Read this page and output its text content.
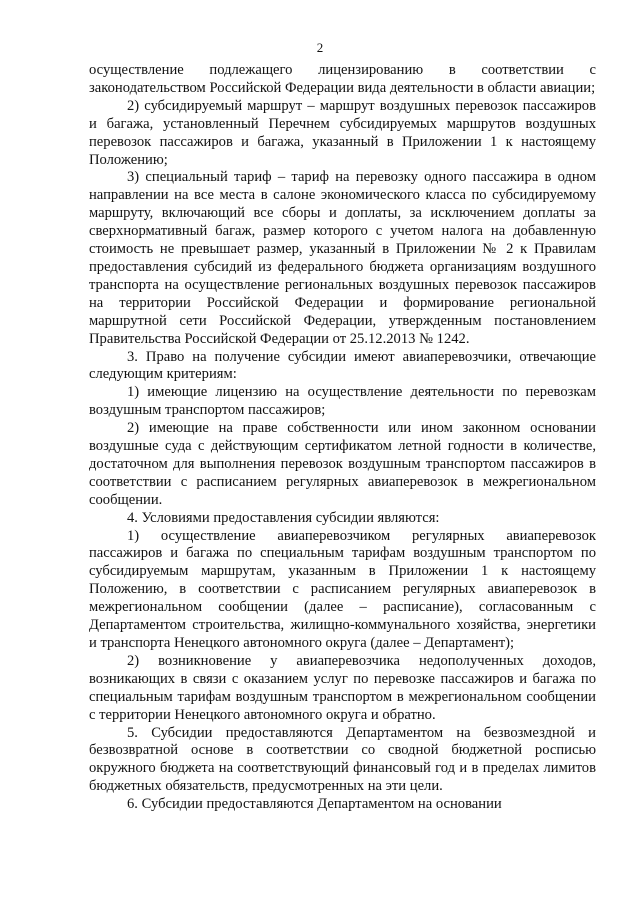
2

осуществление подлежащего лицензированию в соответствии с законодательством Российской Федерации вида деятельности в области авиации;

2) субсидируемый маршрут – маршрут воздушных перевозок пассажиров и багажа, установленный Перечнем субсидируемых маршрутов воздушных перевозок пассажиров и багажа, указанный в Приложении 1 к настоящему Положению;

3) специальный тариф – тариф на перевозку одного пассажира в одном направлении на все места в салоне экономического класса по субсидируемому маршруту, включающий все сборы и доплаты, за исключением доплаты за сверхнормативный багаж, размер которого с учетом налога на добавленную стоимость не превышает размер, указанный в Приложении № 2 к Правилам предоставления субсидий из федерального бюджета организациям воздушного транспорта на осуществление региональных воздушных перевозок пассажиров на территории Российской Федерации и формирование региональной маршрутной сети Российской Федерации, утвержденным постановлением Правительства Российской Федерации от 25.12.2013 № 1242.

3. Право на получение субсидии имеют авиаперевозчики, отвечающие следующим критериям:

1) имеющие лицензию на осуществление деятельности по перевозкам воздушным транспортом пассажиров;

2) имеющие на праве собственности или ином законном основании воздушные суда с действующим сертификатом летной годности в количестве, достаточном для выполнения перевозок воздушным транспортом пассажиров в соответствии с расписанием регулярных авиаперевозок в межрегиональном сообщении.

4. Условиями предоставления субсидии являются:

1) осуществление авиаперевозчиком регулярных авиаперевозок пассажиров и багажа по специальным тарифам воздушным транспортом по субсидируемым маршрутам, указанным в Приложении 1 к настоящему Положению, в соответствии с расписанием регулярных авиаперевозок в межрегиональном сообщении (далее – расписание), согласованным с Департаментом строительства, жилищно-коммунального хозяйства, энергетики и транспорта Ненецкого автономного округа (далее – Департамент);

2) возникновение у авиаперевозчика недополученных доходов, возникающих в связи с оказанием услуг по перевозке пассажиров и багажа по специальным тарифам воздушным транспортом в межрегиональном сообщении с территории Ненецкого автономного округа и обратно.

5. Субсидии предоставляются Департаментом на безвозмездной и безвозвратной основе в соответствии со сводной бюджетной росписью окружного бюджета на соответствующий финансовый год и в пределах лимитов бюджетных обязательств, предусмотренных на эти цели.

6. Субсидии предоставляются Департаментом на основании
